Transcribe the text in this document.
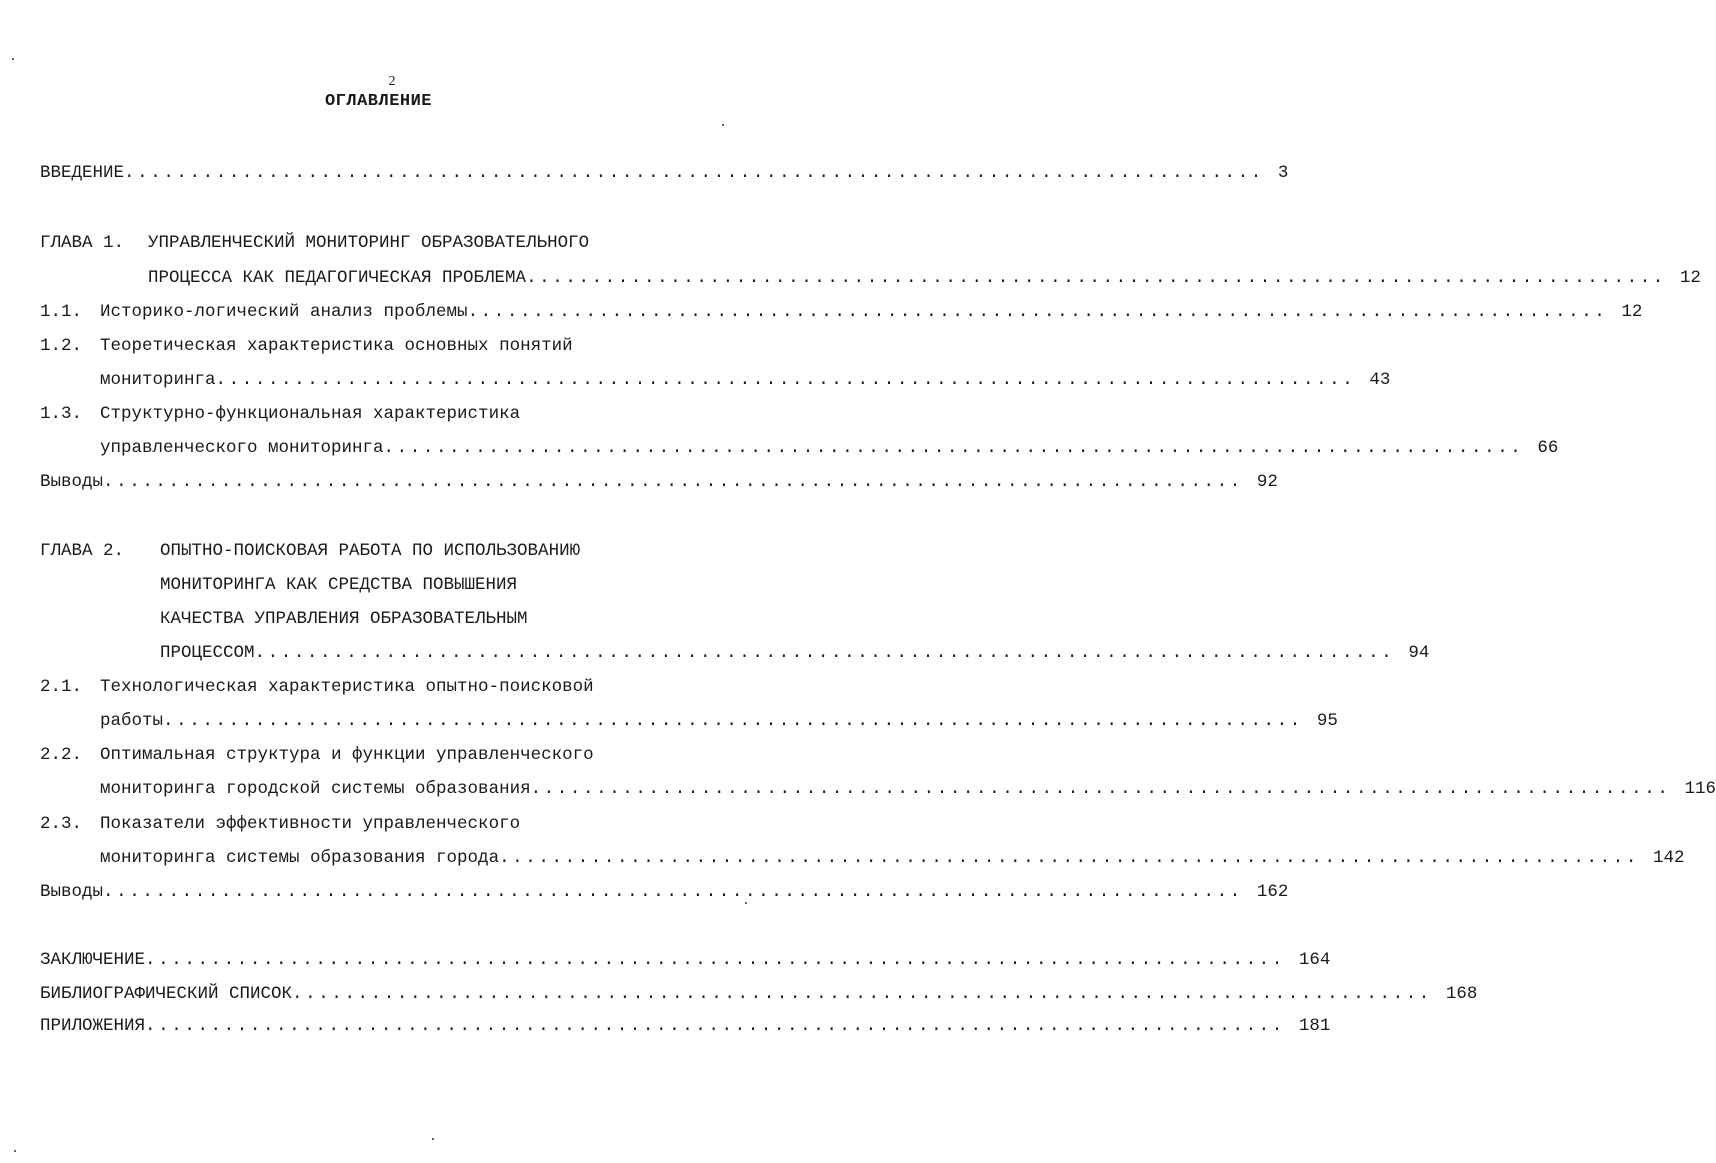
2
ОГЛАВЛЕНИЕ
ВВЕДЕНИЕ ....................................................................................... 3
ГЛАВА 1. УПРАВЛЕНЧЕСКИЙ МОНИТОРИНГ ОБРАЗОВАТЕЛЬНОГО
ПРОЦЕССА КАК ПЕДАГОГИЧЕСКАЯ ПРОБЛЕМА ....................................................................................... 12
1.1. Историко-логический анализ проблемы ....................................................................................... 12
1.2. Теоретическая характеристика основных понятий
мониторинга ....................................................................................... 43
1.3. Структурно-функциональная характеристика
управленческого мониторинга ....................................................................................... 66
Выводы ....................................................................................... 92
ГЛАВА 2. ОПЫТНО-ПОИСКОВАЯ РАБОТА ПО ИСПОЛЬЗОВАНИЮ
МОНИТОРИНГА КАК СРЕДСТВА ПОВЫШЕНИЯ
КАЧЕСТВА УПРАВЛЕНИЯ ОБРАЗОВАТЕЛЬНЫМ
ПРОЦЕССОМ ....................................................................................... 94
2.1. Технологическая характеристика опытно-поисковой
работы ....................................................................................... 95
2.2. Оптимальная структура и функции управленческого
мониторинга городской системы образования ....................................................................................... 116
2.3. Показатели эффективности управленческого
мониторинга системы образования города ....................................................................................... 142
Выводы ....................................................................................... 162
ЗАКЛЮЧЕНИЕ ....................................................................................... 164
БИБЛИОГРАФИЧЕСКИЙ СПИСОК ....................................................................................... 168
ПРИЛОЖЕНИЯ ....................................................................................... 181
